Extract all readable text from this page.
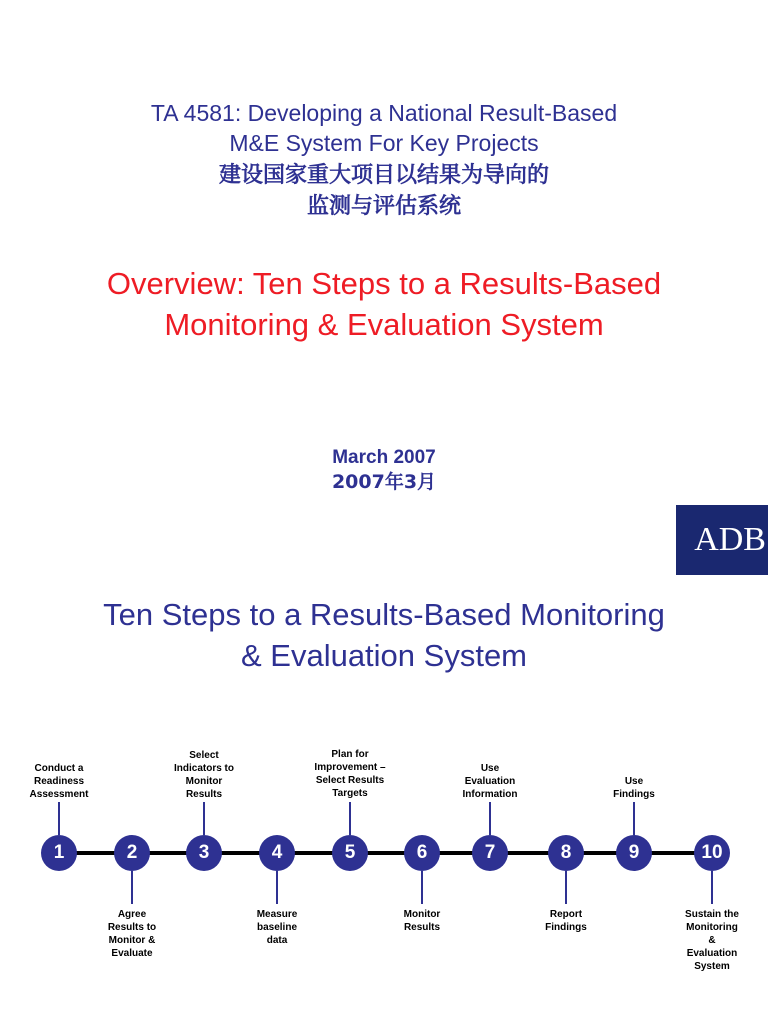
TA 4581: Developing a National Result-Based
M&E System For Key Projects
建设国家重大项目以结果为导向的
监测与评估系统
Overview: Ten Steps to a Results-Based
Monitoring & Evaluation System
March 2007
2007年3月
ADB
Ten Steps to a Results-Based Monitoring
& Evaluation System
Conduct a
Readiness
Assessment
1
Agree
Results to
Monitor &
Evaluate
2
Select
Indicators to
Monitor
Results
3
Measure
baseline
data
4
Plan for
Improvement –
Select Results
Targets
5
Monitor
Results
6
Use
Evaluation
Information
7
Report
Findings
8
Use
Findings
9
Sustain the
Monitoring
&
Evaluation
System
10
